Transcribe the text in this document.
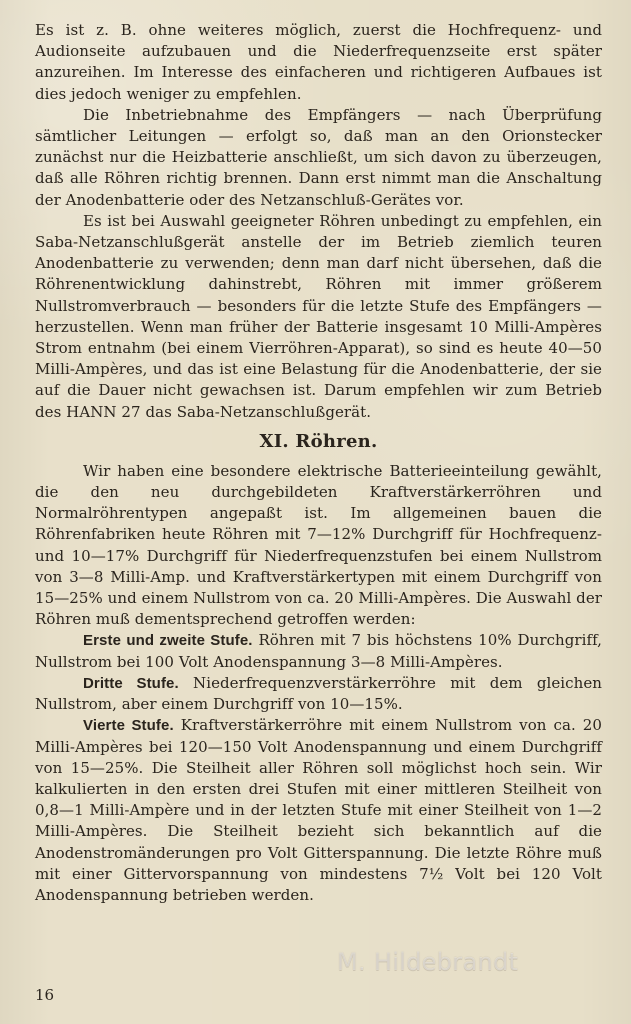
Es ist z. B. ohne weiteres möglich, zuerst die Hochfrequenz- und Audionseite aufzubauen und die Niederfrequenzseite erst später anzureihen. Im Interesse des einfacheren und richtigeren Aufbaues ist dies jedoch weniger zu empfehlen.

Die Inbetriebnahme des Empfängers — nach Überprüfung sämtlicher Leitungen — erfolgt so, daß man an den Orionstecker zunächst nur die Heizbatterie anschließt, um sich davon zu überzeugen, daß alle Röhren richtig brennen. Dann erst nimmt man die Anschaltung der Anodenbatterie oder des Netzanschluß-Gerätes vor.

Es ist bei Auswahl geeigneter Röhren unbedingt zu empfehlen, ein Saba-Netzanschlußgerät anstelle der im Betrieb ziemlich teuren Anodenbatterie zu verwenden; denn man darf nicht übersehen, daß die Röhrenentwicklung dahinstrebt, Röhren mit immer größerem Nullstromverbrauch — besonders für die letzte Stufe des Empfängers — herzustellen. Wenn man früher der Batterie insgesamt 10 Milli-Ampères Strom entnahm (bei einem Vierröhren-Apparat), so sind es heute 40—50 Milli-Ampères, und das ist eine Belastung für die Anodenbatterie, der sie auf die Dauer nicht gewachsen ist. Darum empfehlen wir zum Betrieb des HANN 27 das Saba-Netzanschlußgerät.

XI. Röhren.

Wir haben eine besondere elektrische Batterieeinteilung gewählt, die den neu durchgebildeten Kraftverstärkerröhren und Normalröhrentypen angepaßt ist. Im allgemeinen bauen die Röhrenfabriken heute Röhren mit 7—12% Durchgriff für Hochfrequenz- und 10—17% Durchgriff für Niederfrequenzstufen bei einem Nullstrom von 3—8 Milli-Amp. und Kraftverstärkertypen mit einem Durchgriff von 15—25% und einem Nullstrom von ca. 20 Milli-Ampères. Die Auswahl der Röhren muß dementsprechend getroffen werden:

Erste und zweite Stufe. Röhren mit 7 bis höchstens 10% Durchgriff, Nullstrom bei 100 Volt Anodenspannung 3—8 Milli-Ampères.

Dritte Stufe. Niederfrequenzverstärkerröhre mit dem gleichen Nullstrom, aber einem Durchgriff von 10—15%.

Vierte Stufe. Kraftverstärkerröhre mit einem Nullstrom von ca. 20 Milli-Ampères bei 120—150 Volt Anodenspannung und einem Durchgriff von 15—25%. Die Steilheit aller Röhren soll möglichst hoch sein. Wir kalkulierten in den ersten drei Stufen mit einer mittleren Steilheit von 0,8—1 Milli-Ampère und in der letzten Stufe mit einer Steilheit von 1—2 Milli-Ampères. Die Steilheit bezieht sich bekanntlich auf die Anodenstromänderungen pro Volt Gitterspannung. Die letzte Röhre muß mit einer Gittervorspannung von mindestens 7½ Volt bei 120 Volt Anodenspannung betrieben werden.

16
M. Hildebrandt
